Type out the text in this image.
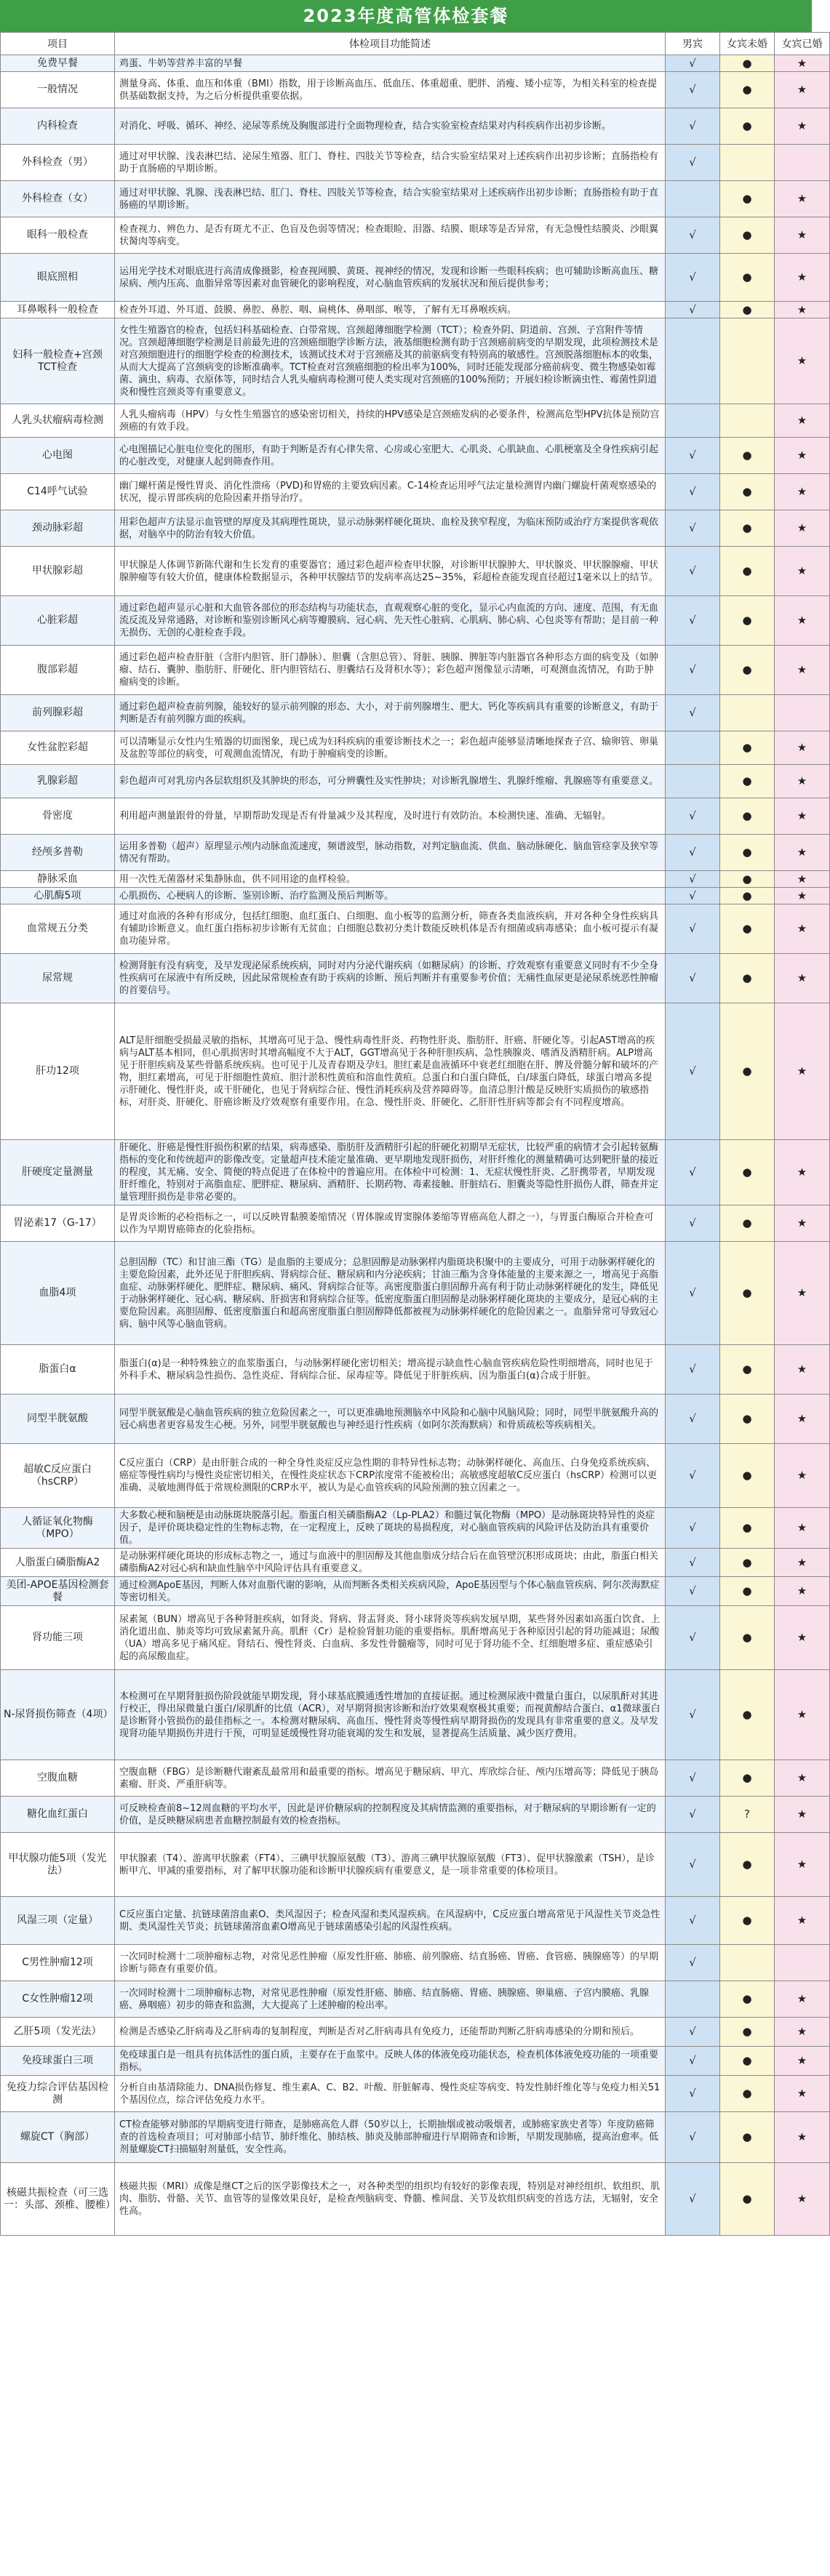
2023年度高管体检套餐
项目	体检项目功能简述	男宾	女宾未婚	女宾已婚
免费早餐	鸡蛋、牛奶等营养丰富的早餐	√	●	★
一般情况	测量身高、体重、血压和体重（BMI）指数，用于诊断高血压、低血压、体重超重、肥胖、消瘦、矮小症等，为相关科室的检查提供基础数据支持，为之后分析提供重要依据。	√	●	★
内科检查	对消化、呼吸、循环、神经、泌尿等系统及胸腹部进行全面物理检查，结合实验室检查结果对内科疾病作出初步诊断。	√	●	★
外科检查（男）	通过对甲状腺、浅表淋巴结、泌尿生殖器、肛门、脊柱、四肢关节等检查，结合实验室结果对上述疾病作出初步诊断；直肠指检有助于直肠癌的早期诊断。	√		
外科检查（女）	通过对甲状腺、乳腺、浅表淋巴结、肛门、脊柱、四肢关节等检查，结合实验室结果对上述疾病作出初步诊断；直肠指检有助于直肠癌的早期诊断。		●	★
眼科一般检查	检查视力、辨色力、是否有斑尤不正、色盲及色弱等情况；检查眼睑、泪器、结膜、眼球等是否异常，有无急慢性结膜炎、沙眼翼状胬肉等病变。	√	●	★
眼底照相	运用光学技术对眼底进行高清成像摄影，检查视网膜、黄斑、视神经的情况，发现和诊断一些眼科疾病；也可辅助诊断高血压、糖尿病、颅内压高、血脂异常等因素对血管硬化的影响程度，对心脑血管疾病的发展状况和预后提供参考；	√	●	★
耳鼻喉科一般检查	检查外耳道、外耳道、鼓膜、鼻腔、鼻腔、咽、扁桃体、鼻咽部、喉等，了解有无耳鼻喉疾病。	√	●	★
妇科一般检查+宫颈TCT检查	女性生殖器官的检查，包括妇科基础检查、白带常规、宫颈超薄细胞学检测（TCT）；检查外阴、阴道前、宫颈、子宫附件等情况。宫颈超薄细胞学检测是目前最先进的宫颈癌细胞学诊断方法，液基细胞检测有助于宫颈癌前病变的早期发现，此项检测技术是对宫颈细胞进行的细胞学检查的检测技术，该测试技术对于宫颈癌及其的前驱病变有特别高的敏感性。宫颈脱落细胞标本的收集，从而大大提高了宫颈病变的诊断准确率。TCT检查对宫颈癌细胞的检出率为100%，同时还能发现部分癌前病变、微生物感染如霉菌、滴虫、病毒、衣原体等，同时结合人乳头瘤病毒检测可使人类实现对宫颈癌的100%预防；开展妇检诊断滴虫性、霉菌性阴道炎和慢性宫颈炎等有重要意义。			★
人乳头状瘤病毒检测	人乳头瘤病毒（HPV）与女性生殖器官的感染密切相关，持续的HPV感染是宫颈癌发病的必要条件，检测高危型HPV抗体是预防宫颈癌的有效手段。			★
心电图	心电图描记心脏电位变化的图形，有助于判断是否有心律失常、心房或心室肥大、心肌炎、心肌缺血、心肌梗塞及全身性疾病引起的心脏改变，对健康人起到筛查作用。	√	●	★
C14呼气试验	幽门螺杆菌是慢性胃炎、消化性溃疡（PVD)和胃癌的主要致病因素。C-14检查运用呼气法定量检测胃内幽门螺旋杆菌观察感染的状况，提示胃部疾病的危险因素并指导治疗。	√	●	★
颈动脉彩超	用彩色超声方法显示血管壁的厚度及其病理性斑块，显示动脉粥样硬化斑块、血栓及狭窄程度，为临床预防或治疗方案提供客观依据，对脑卒中的防治有较大价值。	√	●	★
甲状腺彩超	甲状腺是人体调节新陈代谢和生长发育的重要器官；通过彩色超声检查甲状腺，对诊断甲状腺肿大、甲状腺炎、甲状腺腺瘤、甲状腺肿瘤等有较大价值，健康体检数据显示，各种甲状腺结节的发病率高达25~35%，彩超检查能发现直径超过1毫米以上的结节。	√	●	★
心脏彩超	通过彩色超声显示心脏和大血管各部位的形态结构与功能状态，直观观察心脏的变化，显示心内血流的方向、速度、范围，有无血流反流及异常通路，对诊断和鉴别诊断风心病等瓣膜病、冠心病、先天性心脏病、心肌病、肺心病、心包炎等有帮助；是目前一种无损伤、无创的心脏检查手段。	√	●	★
腹部彩超	通过彩色超声检查肝脏（含肝内胆管、肝门静脉）、胆囊（含胆总管）、肾脏、胰腺、脾脏等内脏器官各种形态方面的病变及（如肿瘤、结石、囊肿、脂肪肝、肝硬化、肝内胆管结石、胆囊结石及肾积水等）；彩色超声图像显示清晰，可观测血流情况，有助于肿瘤病变的诊断。	√	●	★
前列腺彩超	通过彩色超声检查前列腺，能较好的显示前列腺的形态、大小，对于前列腺增生、肥大、钙化等疾病具有重要的诊断意义，有助于判断是否有前列腺方面的疾病。	√		
女性盆腔彩超	可以清晰显示女性内生殖器的切面图象，现已成为妇科疾病的重要诊断技术之一；彩色超声能够显清晰地探查子宫、输卵管、卵巢及盆腔等部位的病变，可观测血流情况，有助于肿瘤病变的诊断。		●	★
乳腺彩超	彩色超声可对乳房内各层软组织及其肿块的形态，可分辨囊性及实性肿块；对诊断乳腺增生、乳腺纤维瘤、乳腺癌等有重要意义。		●	★
骨密度	利用超声测量跟骨的骨量，早期帮助发现是否有骨量减少及其程度，及时进行有效防治。本检测快速、准确、无辐射。	√	●	★
经颅多普勒	运用多普勒（超声）原理显示颅内动脉血流速度，频谱波型，脉动指数，对判定脑血流、供血、脑动脉硬化、脑血管痉挛及狭窄等情况有帮助。	√	●	★
静脉采血	用一次性无菌器材采集静脉血，供不同用途的血样检验。	√	●	★
心肌酶5项	心肌损伤、心梗病人的诊断、鉴别诊断、治疗监测及预后判断等。	√	●	★
血常规五分类	通过对血液的各种有形成分，包括红细胞、血红蛋白、白细胞、血小板等的监测分析，筛查各类血液疾病，并对各种全身性疾病具有辅助诊断意义。血红蛋白指标初步诊断有无贫血；白细胞总数初分类计数能反映机体是否有细菌或病毒感染；血小板可提示有凝血功能异常。	√	●	★
尿常规	检测肾脏有没有病变，及早发现泌尿系统疾病，同时对内分泌代谢疾病（如糖尿病）的诊断、疗效观察有重要意义同时有不少全身性疾病可在尿液中有所反映，因此尿常规检查有助于疾病的诊断、预后判断并有重要参考价值；无痛性血尿更是泌尿系统恶性肿瘤的首要信号。	√	●	★
肝功12项	ALT是肝细胞受损最灵敏的指标，其增高可见于急、慢性病毒性肝炎、药物性肝炎、脂肪肝、肝癌、肝硬化等。引起AST增高的疾病与ALT基本相同，但心肌损害时其增高幅度不大于ALT，GGT增高见于各种肝胆疾病、急性胰腺炎、嗜酒及酒精肝病。ALP增高见于肝胆疾病及某些骨骼系统疾病。也可见于儿及青春期及孕妇。胆红素是血液循环中衰老红细胞在肝、脾及骨髓分解和破坏的产物，胆红素增高，可见于肝细胞性黄疸、胆汁淤积性黄疸和溶血性黄疸。总蛋白和白蛋白降低，白/球蛋白降低，球蛋白增高多提示肝硬化、慢性肝炎，或干肝硬化，也见于肾病综合征、慢性消耗疾病及营养障碍等。血清总胆汁酸是反映肝实质损伤的敏感指标，对肝炎、肝硬化、肝癌诊断及疗效观察有重要作用。在急、慢性肝炎、肝硬化、乙肝肝性肝病等都会有不同程度增高。	√	●	★
肝硬度定量测量	肝硬化、肝癌是慢性肝损伤积累的结果，病毒感染、脂肪肝及酒精肝引起的肝硬化初期早无症状，比较严重的病情才会引起转氨酶指标的变化和传统超声的影像改变。定量超声技术能定量准确、更早期地发现肝损伤，对肝纤维化的测量精确可达到靶肝量的接近的程度，其无痛、安全、简便的特点促进了在体检中的普遍应用。在体检中可检测：1、无症状慢性肝炎、乙肝携带者，早期发现肝纤维化，特别对于高脂血症、肥胖症、糖尿病、酒精肝、长期药物、毒素接触、肝脏结石、胆囊炎等隐性肝损伤人群，筛查并定量管理肝损伤是非常必要的。	√	●	★
胃泌素17（G-17）	是胃炎诊断的必检指标之一，可以反映胃黏膜萎缩情况（胃体腺或胃窦腺体萎缩等胃癌高危人群之一），与胃蛋白酶原合并检查可以作为早期胃癌筛查的化验指标。	√	●	★
血脂4项	总胆固醇（TC）和甘油三酯（TG）是血脂的主要成分；总胆固醇是动脉粥样内脂斑块积聚中的主要成分，可用于动脉粥样硬化的主要危险因素，此外还见于肝胆疾病、肾病综合征、糖尿病和内分泌疾病；甘油三酯为含身体能量的主要来源之一，增高见于高脂血症、动脉粥样硬化、肥胖症、糖尿病、痛风、肾病综合征等。高密度脂蛋白胆固醇升高有利于防止动脉粥样硬化的发生，降低见于动脉粥样硬化、冠心病、糖尿病、肝损害和肾病综合征等。低密度脂蛋白胆固醇是动脉粥样硬化斑块的主要成分，是冠心病的主要危险因素。高胆固醇、低密度脂蛋白和超高密度脂蛋白胆固醇降低都被视为动脉粥样硬化的危险因素之一。血脂异常可导致冠心病、脑中风等心脑血管病。	√	●	★
脂蛋白α	脂蛋白(α)是一种特殊独立的血浆脂蛋白，与动脉粥样硬化密切相关；增高提示缺血性心脑血管疾病危险性明细增高，同时也见于外科手术、糖尿病急性损伤、急性炎症、肾病综合征、尿毒症等。降低见于肝脏疾病、因为脂蛋白(α)合成于肝脏。	√	●	★
同型半胱氨酸	同型半胱氨酸是心脑血管疾病的独立危险因素之一，可以更准确地预测脑卒中风险和心脑中风脑风险；同时，同型半胱氨酸升高的冠心病患者更容易发生心梗。另外，同型半胱氨酸也与神经退行性疾病（如阿尔茨海默病）和骨质疏松等疾病相关。	√	●	★
超敏C反应蛋白（hsCRP）	C反应蛋白（CRP）是由肝脏合成的一种全身性炎症反应急性期的非特异性标志物；动脉粥样硬化、高血压、白身免疫系统疾病、癌症等慢性病均与慢性炎症密切相关，在慢性炎症状态下CRP浓度常不能被检出；高敏感度超敏C反应蛋白（hsCRP）检测可以更准确、灵敏地测得低于常规检测限的CRP水平，被认为是心血管疾病的风险预测的独立因素之一。	√	●	★
人循证氧化物酶（MPO）	大多数心梗和脑梗是由动脉斑块脱落引起。脂蛋白相关磷脂酶A2（Lp-PLA2）和髓过氧化物酶（MPO）是动脉斑块特异性的炎症因子，是评价斑块稳定性的生物标志物，在一定程度上，反映了斑块的易损程度，对心脑血管疾病的风险评估及防治具有重要价值。	√	●	★
人脂蛋白磷脂酶A2	是动脉粥样硬化斑块的形成标志物之一，通过与血液中的胆固醇及其他血脂成分结合后在血管壁沉积形成斑块；由此，脂蛋白相关磷脂酶A2对冠心病和缺血性脑卒中风险评估具有重要意义。	√	●	★
美团-APOE基因检测套餐	通过检测ApoE基因，判断人体对血脂代谢的影响，从而判断各类相关疾病风险，ApoE基因型与个体心脑血管疾病、阿尔茨海默症等密切相关。	√	●	★
肾功能三项	尿素氮（BUN）增高见于各种肾脏疾病，如肾炎、肾病、肾盂肾炎、肾小球肾炎等疾病发展早期，某些肾外因素如高蛋白饮食、上消化道出血、肺炎等均可致尿素氮升高。肌酐（Cr）是检验肾脏功能的重要指标。肌酐增高见于各种原因引起的肾功能减退；尿酸（UA）增高多见于痛风症。肾结石、慢性肾炎、白血病、多发性骨髓瘤等，同时可见于肾功能不全、红细胞增多症、重症感染引起的高尿酸血症。	√	●	★
N-尿肾损伤筛查（4项）	本检测可在早期肾脏损伤阶段就能早期发现，肾小球基底膜通透性增加的直接证据。通过检测尿液中微量白蛋白，以尿肌酐对其进行校正，得出尿微量白蛋白/尿肌酐的比值（ACR），对早期肾损害诊断和治疗效果观察极其重要；而视黄醇结合蛋白、α1微球蛋白是诊断肾小管损伤的最佳指标之一。本检测对糖尿病、高血压、慢性肾炎等慢性病早期肾损伤的发现具有非常重要的意义。及早发现肾功能早期损伤并进行干预，可明显延缓慢性肾功能衰竭的发生和发展，显著提高生活质量、减少医疗费用。	√	●	★
空腹血糖	空腹血糖（FBG）是诊断糖代谢紊乱最常用和最重要的指标。增高见于糖尿病、甲亢、库欣综合征、颅内压增高等；降低见于胰岛素瘤、肝炎、严重肝病等。	√	●	★
糖化血红蛋白	可反映检查前8~12周血糖的平均水平，因此是评价糖尿病的控制程度及其病情监测的重要指标，对于糖尿病的早期诊断有一定的价值，是反映糖尿病患者血糖控制最有效的检查指标。	√	?	★
甲状腺功能5项（发光法）	甲状腺素（T4）、游离甲状腺素（FT4）、三碘甲状腺原氨酸（T3）、游离三碘甲状腺原氨酸（FT3）、促甲状腺激素（TSH），是诊断甲亢、甲减的重要指标，对了解甲状腺功能和诊断甲状腺疾病有重要意义，是一项非常重要的体检项目。	√	●	★
风湿三项（定量）	C反应蛋白定量、抗链球菌溶血素O、类风湿因子；检查风湿和类风湿疾病。在风湿病中，C反应蛋白增高常见于风湿性关节炎急性期、类风湿性关节炎；抗链球菌溶血素O增高见于链球菌感染引起的风湿性疾病。	√	●	★
C男性肿瘤12项	一次同时检测十二项肿瘤标志物，对常见恶性肿瘤（原发性肝癌、肺癌、前列腺癌、结直肠癌、胃癌、食管癌、胰腺癌等）的早期诊断与筛查有重要价值。	√		
C女性肿瘤12项	一次同时检测十二项肿瘤标志物，对常见恶性肿瘤（原发性肝癌、肺癌、结直肠癌、胃癌、胰腺癌、卵巢癌、子宫内膜癌、乳腺癌、鼻咽癌）初步的筛查和监测，大大提高了上述肿瘤的检出率。		●	★
乙肝5项（发光法）	检测是否感染乙肝病毒及乙肝病毒的复制程度，判断是否对乙肝病毒具有免疫力，还能帮助判断乙肝病毒感染的分期和预后。	√	●	★
免疫球蛋白三项	免疫球蛋白是一组具有抗体活性的蛋白质，主要存在于血浆中。反映人体的体液免疫功能状态，检查机体体液免疫功能的一项重要指标。	√	●	★
免疫力综合评估基因检测	分析自由基清除能力、DNA损伤修复、维生素A、C、B2、叶酸、肝脏解毒、慢性炎症等病变、特发性肺纤维化等与免疫力相关51个基因位点，综合评估免疫力水平。	√	●	★
螺旋CT（胸部）	CT检查能够对肺部的早期病变进行筛查，是肺癌高危人群（50岁以上，长期抽烟或被动吸烟者，或肺癌家族史者等）年度防癌筛查的首选检查项目；可对肺部小结节、肺纤维化、肺结核、肺炎及肺部肿瘤进行早期筛查和诊断，早期发现肺癌，提高治愈率。低剂量螺旋CT扫描辐射剂量低，安全性高。	√	●	★
核磁共振检查（可三选一：头部、颈椎、腰椎）	核磁共振（MRI）成像是继CT之后的医学影像技术之一，对各种类型的组织均有较好的影像表现，特别是对神经组织、软组织、肌肉、脂肪、骨骼、关节、血管等的显像效果良好，是检查颅脑病变、脊髓、椎间盘、关节及软组织病变的首选方法，无辐射，安全性高。	√	●	★
